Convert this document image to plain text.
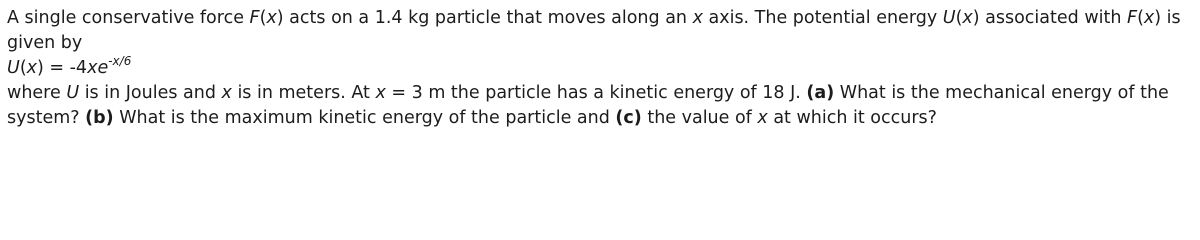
A single conservative force F(x) acts on a 1.4 kg particle that moves along an x axis. The potential energy U(x) associated with F(x) is

given by

$U(x) = -4xe^{-x/6}$

where U is in Joules and x is in meters. At x = 3 m the particle has a kinetic energy of 18 J. (a) What is the mechanical energy of the

system? (b) What is the maximum kinetic energy of the particle and (c) the value of x at which it occurs?
